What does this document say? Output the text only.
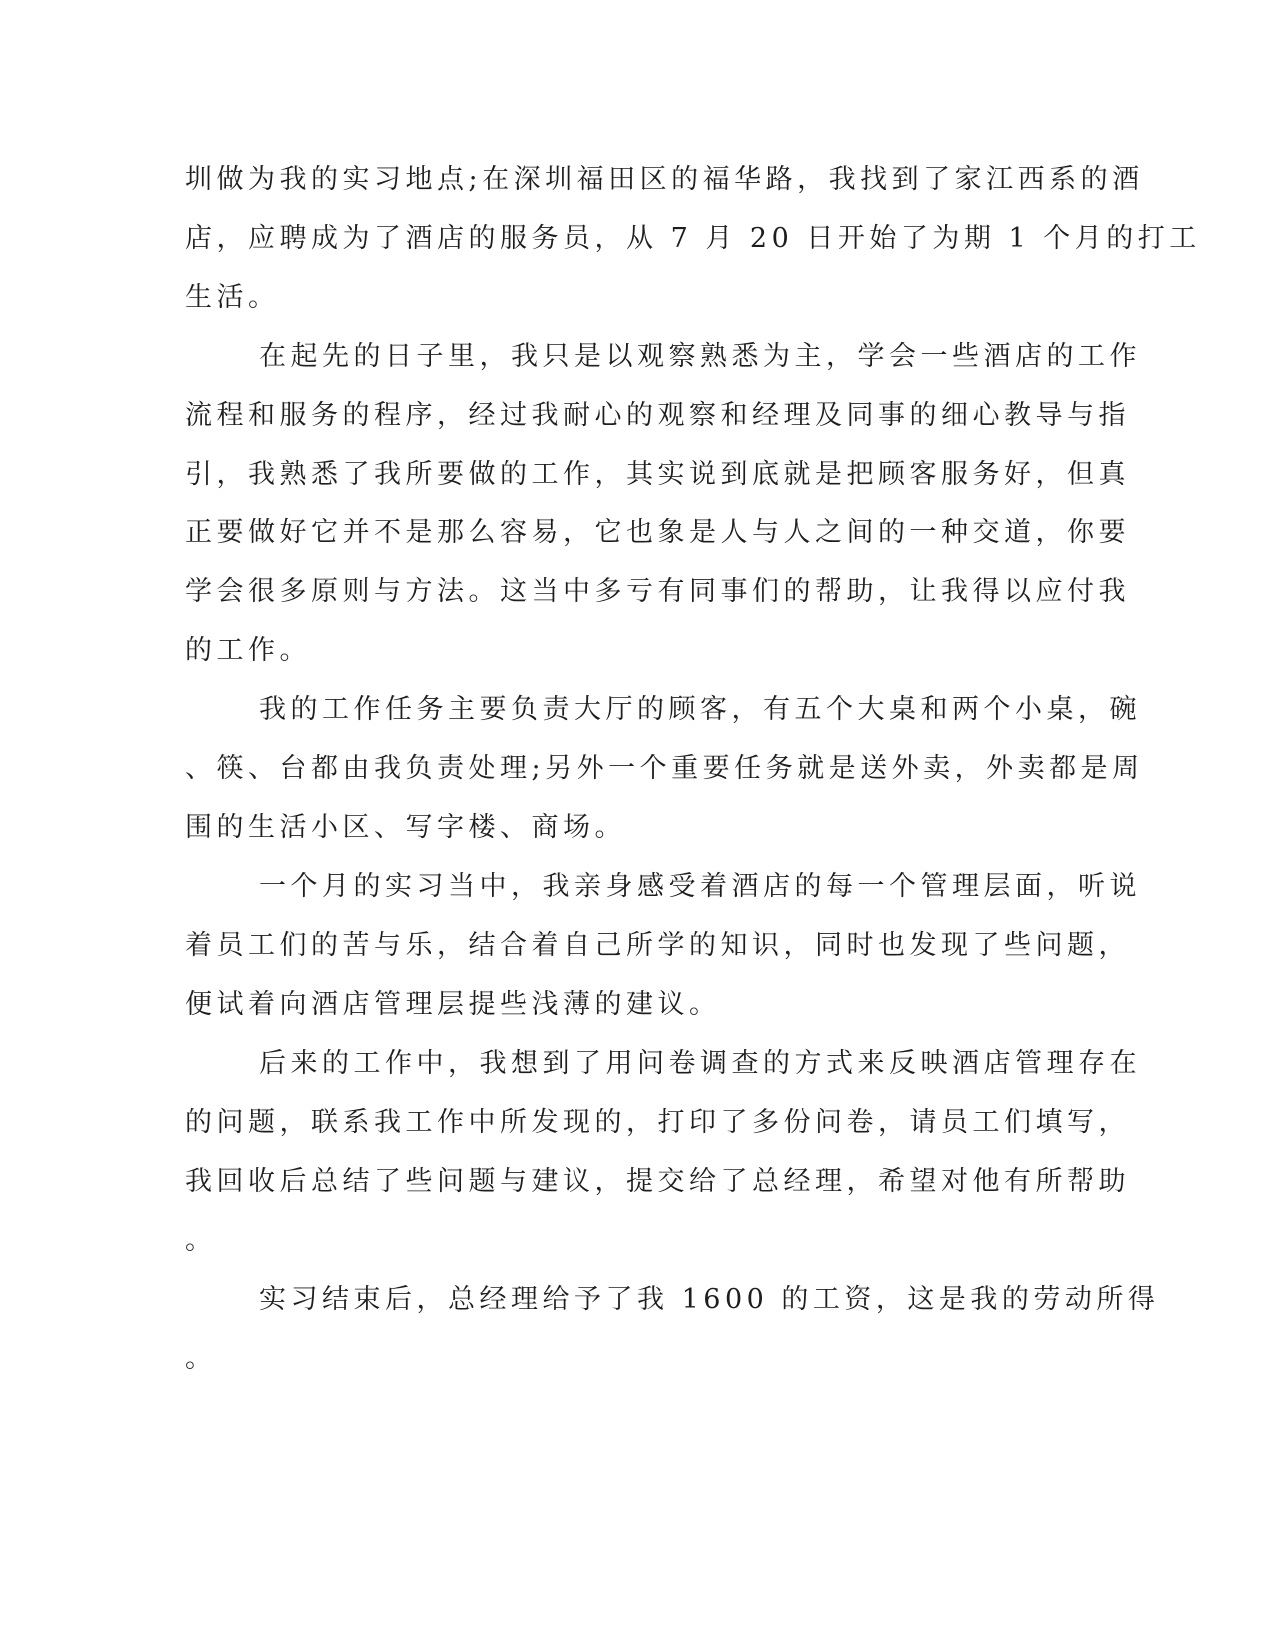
圳做为我的实习地点;在深圳福田区的福华路，我找到了家江西系的酒

店，应聘成为了酒店的服务员，从 7 月 20 日开始了为期 1 个月的打工

生活。

在起先的日子里，我只是以观察熟悉为主，学会一些酒店的工作

流程和服务的程序，经过我耐心的观察和经理及同事的细心教导与指

引，我熟悉了我所要做的工作，其实说到底就是把顾客服务好，但真

正要做好它并不是那么容易，它也象是人与人之间的一种交道，你要

学会很多原则与方法。这当中多亏有同事们的帮助，让我得以应付我

的工作。

我的工作任务主要负责大厅的顾客，有五个大桌和两个小桌，碗

、筷、台都由我负责处理;另外一个重要任务就是送外卖，外卖都是周

围的生活小区、写字楼、商场。

一个月的实习当中，我亲身感受着酒店的每一个管理层面，听说

着员工们的苦与乐，结合着自己所学的知识，同时也发现了些问题，

便试着向酒店管理层提些浅薄的建议。

后来的工作中，我想到了用问卷调查的方式来反映酒店管理存在

的问题，联系我工作中所发现的，打印了多份问卷，请员工们填写，

我回收后总结了些问题与建议，提交给了总经理，希望对他有所帮助

。

实习结束后，总经理给予了我 1600 的工资，这是我的劳动所得

。
